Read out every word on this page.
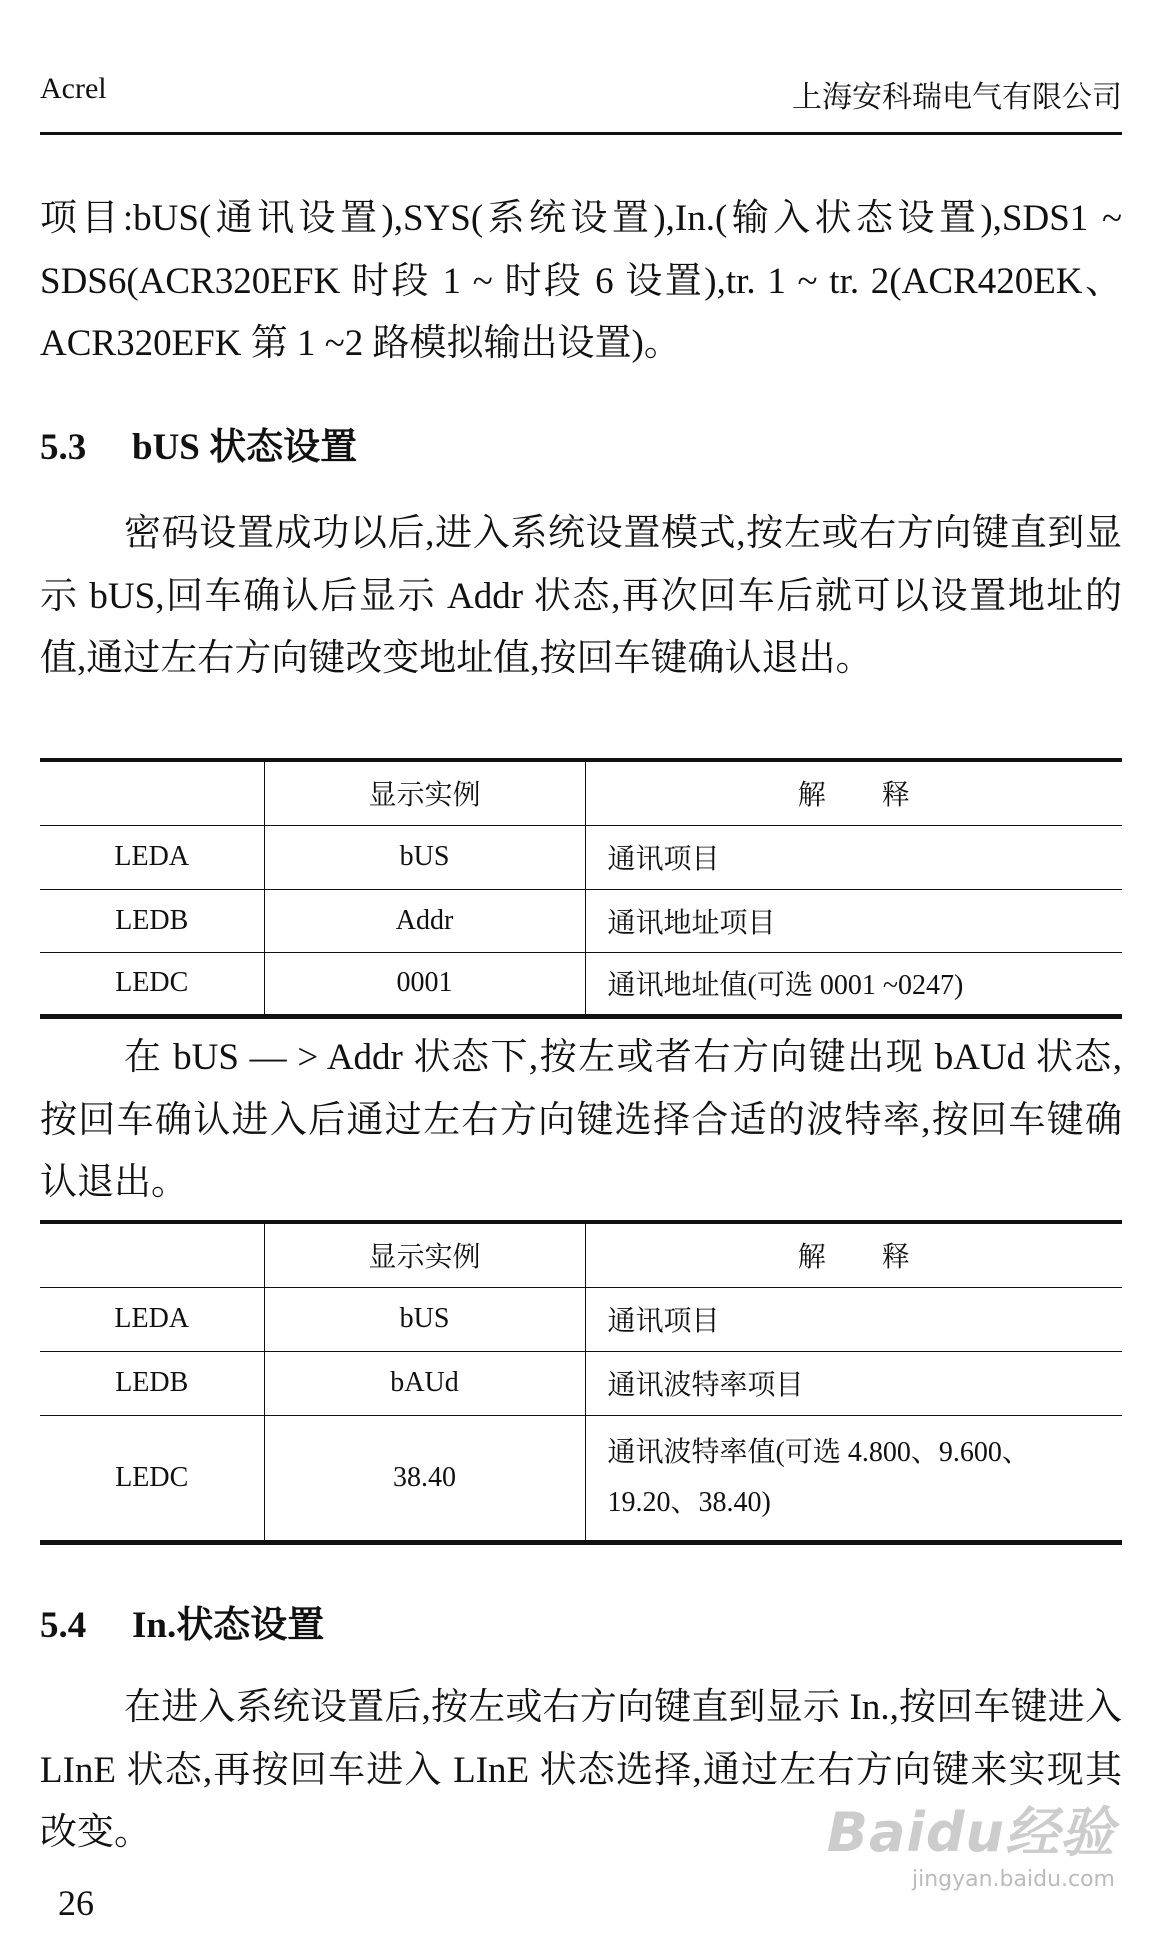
Acrel	上海安科瑞电气有限公司
项目:bUS(通讯设置),SYS(系统设置),In.(输入状态设置),SDS1 ~ SDS6(ACR320EFK 时段 1 ~ 时段 6 设置),tr. 1 ~ tr. 2(ACR420EK、ACR320EFK 第 1 ~2 路模拟输出设置)。
5.3 bUS 状态设置
密码设置成功以后,进入系统设置模式,按左或右方向键直到显示 bUS,回车确认后显示 Addr 状态,再次回车后就可以设置地址的值,通过左右方向键改变地址值,按回车键确认退出。
	显示实例	解　　释
LEDA	bUS	通讯项目
LEDB	Addr	通讯地址项目
LEDC	0001	通讯地址值(可选 0001 ~0247)
在 bUS — > Addr 状态下,按左或者右方向键出现 bAUd 状态,按回车确认进入后通过左右方向键选择合适的波特率,按回车键确认退出。
	显示实例	解　　释
LEDA	bUS	通讯项目
LEDB	bAUd	通讯波特率项目
LEDC	38.40	通讯波特率值(可选 4.800、9.600、19.20、38.40)
5.4 In.状态设置
在进入系统设置后,按左或右方向键直到显示 In.,按回车键进入 LInE 状态,再按回车进入 LInE 状态选择,通过左右方向键来实现其改变。
26
Baidu经验
jingyan.baidu.com
